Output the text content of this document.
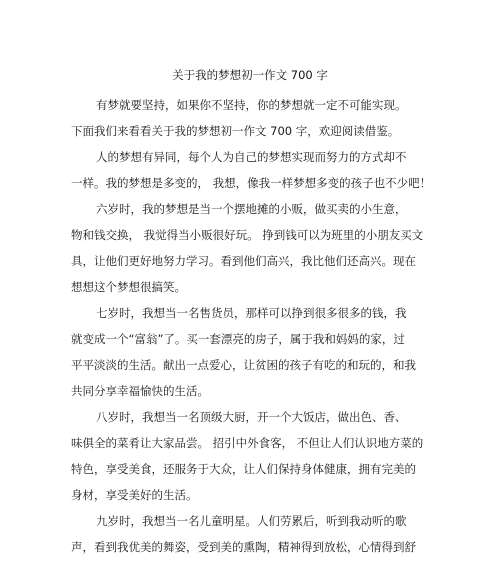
关于我的梦想初一作文 700 字
有梦就要坚持，如果你不坚持，你的梦想就一定不可能实现。
下面我们来看看关于我的梦想初一作文 700 字，欢迎阅读借鉴。
人的梦想有异同，每个人为自己的梦想实现而努力的方式却不
一样。我的梦想是多变的， 我想，像我一样梦想多变的孩子也不少吧！
六岁时，我的梦想是当一个摆地摊的小贩，做买卖的小生意，
物和钱交换， 我觉得当小贩很好玩。 挣到钱可以为班里的小朋友买文
具，让他们更好地努力学习。看到他们高兴，我比他们还高兴。现在
想想这个梦想很搞笑。
七岁时，我想当一名售货员，那样可以挣到很多很多的钱，我
就变成一个“富翁”了。买一套漂亮的房子，属于我和妈妈的家，过
平平淡淡的生活。献出一点爱心，让贫困的孩子有吃的和玩的，和我
共同分享幸福愉快的生活。
八岁时，我想当一名顶级大厨，开一个大饭店，做出色、香、
味俱全的菜肴让大家品尝。 招引中外食客， 不但让人们认识地方菜的
特色，享受美食，还服务于大众，让人们保持身体健康，拥有完美的
身材，享受美好的生活。
九岁时，我想当一名儿童明星。人们劳累后，听到我动听的歌
声，看到我优美的舞姿，受到美的熏陶，精神得到放松，心情得到舒
